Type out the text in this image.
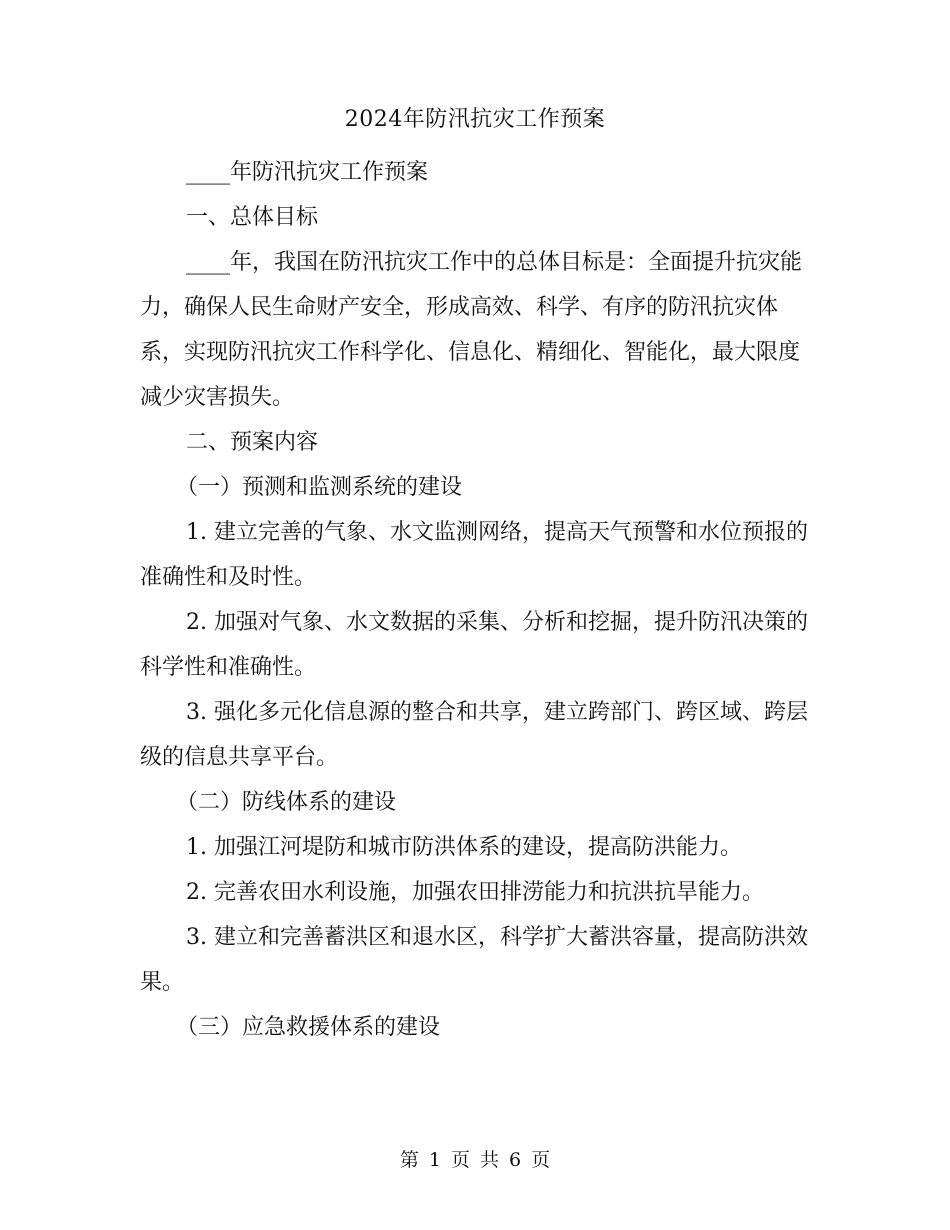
2024年防汛抗灾工作预案

____年防汛抗灾工作预案

一、总体目标

____年，我国在防汛抗灾工作中的总体目标是：全面提升抗灾能力，确保人民生命财产安全，形成高效、科学、有序的防汛抗灾体系，实现防汛抗灾工作科学化、信息化、精细化、智能化，最大限度减少灾害损失。

二、预案内容

（一）预测和监测系统的建设

1. 建立完善的气象、水文监测网络，提高天气预警和水位预报的准确性和及时性。

2. 加强对气象、水文数据的采集、分析和挖掘，提升防汛决策的科学性和准确性。

3. 强化多元化信息源的整合和共享，建立跨部门、跨区域、跨层级的信息共享平台。

（二）防线体系的建设

1. 加强江河堤防和城市防洪体系的建设，提高防洪能力。

2. 完善农田水利设施，加强农田排涝能力和抗洪抗旱能力。

3. 建立和完善蓄洪区和退水区，科学扩大蓄洪容量，提高防洪效果。

（三）应急救援体系的建设

第 1 页 共 6 页
